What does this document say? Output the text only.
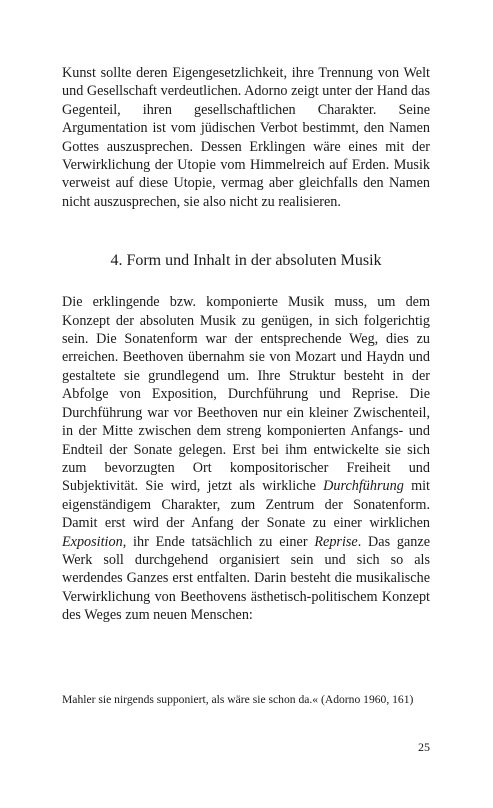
Kunst sollte deren Eigengesetzlichkeit, ihre Trennung von Welt und Gesellschaft verdeutlichen. Adorno zeigt unter der Hand das Gegenteil, ihren gesellschaftlichen Charakter. Seine Argumentation ist vom jüdischen Verbot bestimmt, den Namen Gottes auszusprechen. Dessen Erklingen wäre eines mit der Verwirklichung der Utopie vom Himmelreich auf Erden. Musik verweist auf diese Utopie, vermag aber gleichfalls den Namen nicht auszusprechen, sie also nicht zu realisieren.

4. Form und Inhalt in der absoluten Musik

Die erklingende bzw. komponierte Musik muss, um dem Konzept der absoluten Musik zu genügen, in sich folgerichtig sein. Die Sonatenform war der entsprechende Weg, dies zu erreichen. Beethoven übernahm sie von Mozart und Haydn und gestaltete sie grundlegend um. Ihre Struktur besteht in der Abfolge von Exposition, Durchführung und Reprise. Die Durchführung war vor Beethoven nur ein kleiner Zwischenteil, in der Mitte zwischen dem streng komponierten Anfangs- und Endteil der Sonate gelegen. Erst bei ihm entwickelte sie sich zum bevorzugten Ort kompositorischer Freiheit und Subjektivität. Sie wird, jetzt als wirkliche Durchführung mit eigenständigem Charakter, zum Zentrum der Sonatenform. Damit erst wird der Anfang der Sonate zu einer wirklichen Exposition, ihr Ende tatsächlich zu einer Reprise. Das ganze Werk soll durchgehend organisiert sein und sich so als werdendes Ganzes erst entfalten. Darin besteht die musikalische Verwirklichung von Beethovens ästhetisch-politischem Konzept des Weges zum neuen Menschen:

Mahler sie nirgends supponiert, als wäre sie schon da.« (Adorno 1960, 161)

25
